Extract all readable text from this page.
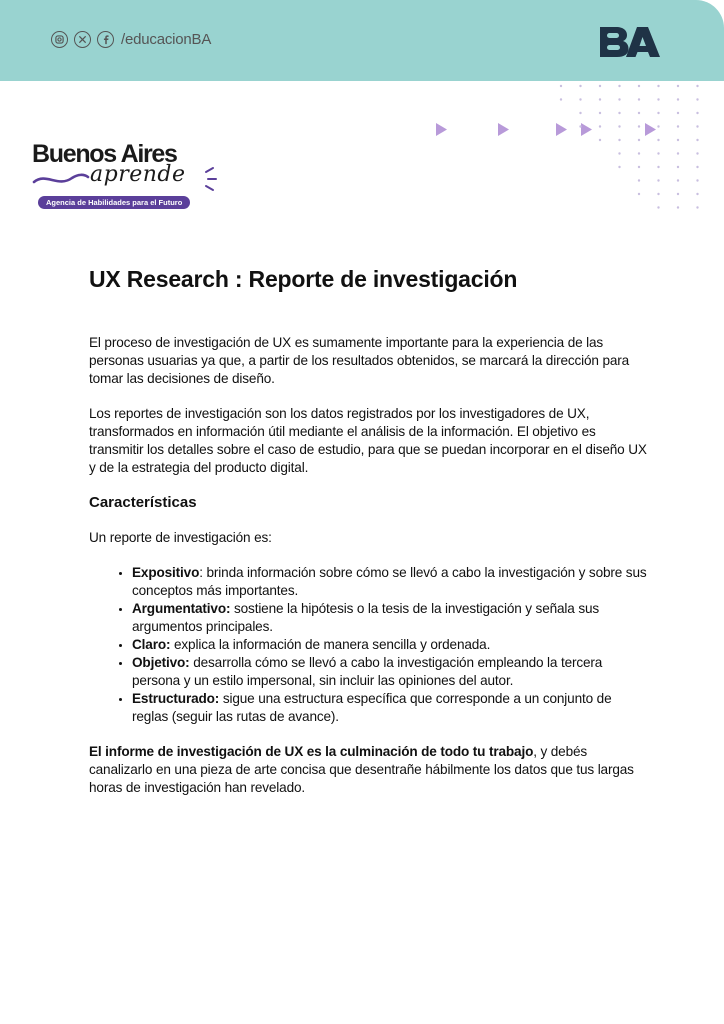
/educacionBA
BA
Buenos Aires
aprende
Agencia de Habilidades para el Futuro
UX Research : Reporte de investigación

El proceso de investigación de UX es sumamente importante para la experiencia de las personas usuarias ya que, a partir de los resultados obtenidos, se marcará la dirección para tomar las decisiones de diseño.

Los reportes de investigación son los datos registrados por los investigadores de UX, transformados en información útil mediante el análisis de la información. El objetivo es transmitir los detalles sobre el caso de estudio, para que se puedan incorporar en el diseño UX y de la estrategia del producto digital.

Características

Un reporte de investigación es:

• Expositivo: brinda información sobre cómo se llevó a cabo la investigación y sobre sus conceptos más importantes.
• Argumentativo: sostiene la hipótesis o la tesis de la investigación y señala sus argumentos principales.
• Claro: explica la información de manera sencilla y ordenada.
• Objetivo: desarrolla cómo se llevó a cabo la investigación empleando la tercera persona y un estilo impersonal, sin incluir las opiniones del autor.
• Estructurado: sigue una estructura específica que corresponde a un conjunto de reglas (seguir las rutas de avance).

El informe de investigación de UX es la culminación de todo tu trabajo, y debés canalizarlo en una pieza de arte concisa que desentrañe hábilmente los datos que tus largas horas de investigación han revelado.
